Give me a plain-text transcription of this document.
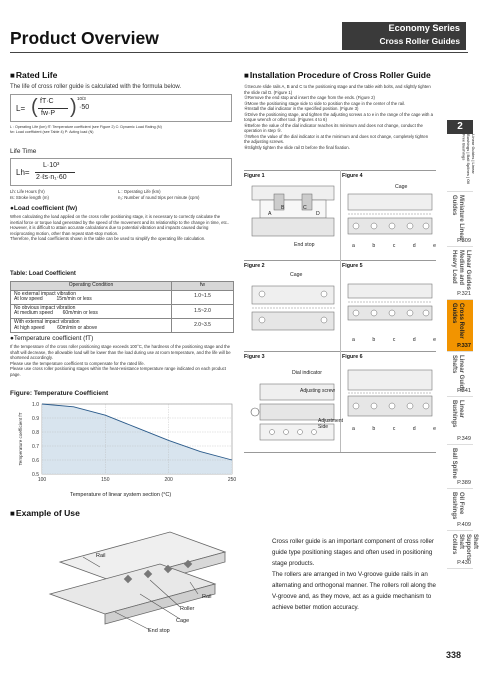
Product Overview	Economy Series
Cross Roller Guides
■ Rated Life
The life of cross roller guide is calculated with the formula below.
L= ( fT·C
fw·P ) 10/3
·50
L : Operating Life (km) fT: Temperature coefficient (see Figure 2) C: Dynamic Load Rating (N)
fw: Load coefficient (see Table 4) P: Acting load (N)
Life Time
Lh=
L·10³
2·ℓs·n₁·60
Lh: Life Hours (hr)
ℓs: Stroke length (m)
L : Operating Life (km)
n₁: Number of round trips per minute (cpm)
●Load coefficient (fw)
When calculating the load applied on the cross roller positioning stage, it is necessary to correctly calculate the inertial force or torque load generated by the speed of the movement and its relationship to the change in time, etc.. However, it is difficult to attain accurate calculations due to potential vibration and impacts caused during reciprocating motion, other than repeat start-stop motion.
Therefore, the load coefficients shown in the table can be used to simplify the operating life calculation.
Table: Load Coefficient
Operating Condition	fw

No external impact vibration
At low speed          15m/min or less	1.0~1.5

No obvious impact vibration
At medium speed       60m/min or less	1.5~2.0

With external impact vibration
At high speed         60m/min or above	2.0~3.5
●Temperature coefficient (fT)
If the temperature of the cross roller positioning stage exceeds 100°C, the hardness of the positioning stage and the shaft will decrease, the allowable load will be lower than the load during use at room temperature, and the life will be shortened accordingly.
Please use the temperature coefficient to compensate for the rated life.
Please use cross roller positioning stages within the heat-resistance temperature range indicated on each product page.
Figure: Temperature Coefficient
1.0
0.9
0.8
0.7
0.6
0.5
100	150	200	250
Temperature coefficient fT
Temperature of linear system section (°C)
■ Example of Use
Rail
Rail
Roller
Cage
End stop
■ Installation Procedure of Cross Roller Guide
①Secure slide rails A, B and C to the positioning stage and the table with bolts, and slightly tighten the slide rail D. (Figure 1)
②Remove the end stop and insert the cage from the ends. (Figure 2)
③Move the positioning stage side to side to position the cage in the center of the rail.
④Install the dial indicator in the specified position. (Figure 3)
⑤Drive the positioning stage, and tighten the adjusting screws a to e in the range of the cage with a torque wrench or other tool. (Figures 4 to 6)
⑥Before the value of the dial indicator reaches its minimum and does not change, conduct the operation in step ⑤.
⑦When the value of the dial indicator is at the minimum and does not change, completely tighten the adjusting screws.
⑧Slightly tighten the slide rail D before the final fixation.
Figure 1	Figure 4
Figure 2	Figure 5
Figure 3	Figure 6
A
B	C
D
End stop
Cage
a	b	c	d	e
Cage
a	b	c	d	e
Dial indicator
Adjusting screw
Adjustment
Side	a	b	c	d	e
Cross roller guide is an important component of cross roller guide type positioning stages and often used in positioning stage products.
The rollers are arranged in two V-groove guide rails in an alternating and orthogonal manner. The rollers roll along the V-groove and, as they move, act as a guide mechanism to achieve better motion accuracy.
Linear Guides | Linear Bushings | Ball Splines | Oil Free Bushings
2
Miniature Linear Guides
P.309
Linear Guides Medium and Heavy Load
P.321
Cross Roller Guides
P.337
Linear Guide Shafts
P.341
Linear Bushings
P.349
Ball Spline
P.389
Oil Free Bushings
P.409
Shaft Supports Shaft Collars
P.430
338
